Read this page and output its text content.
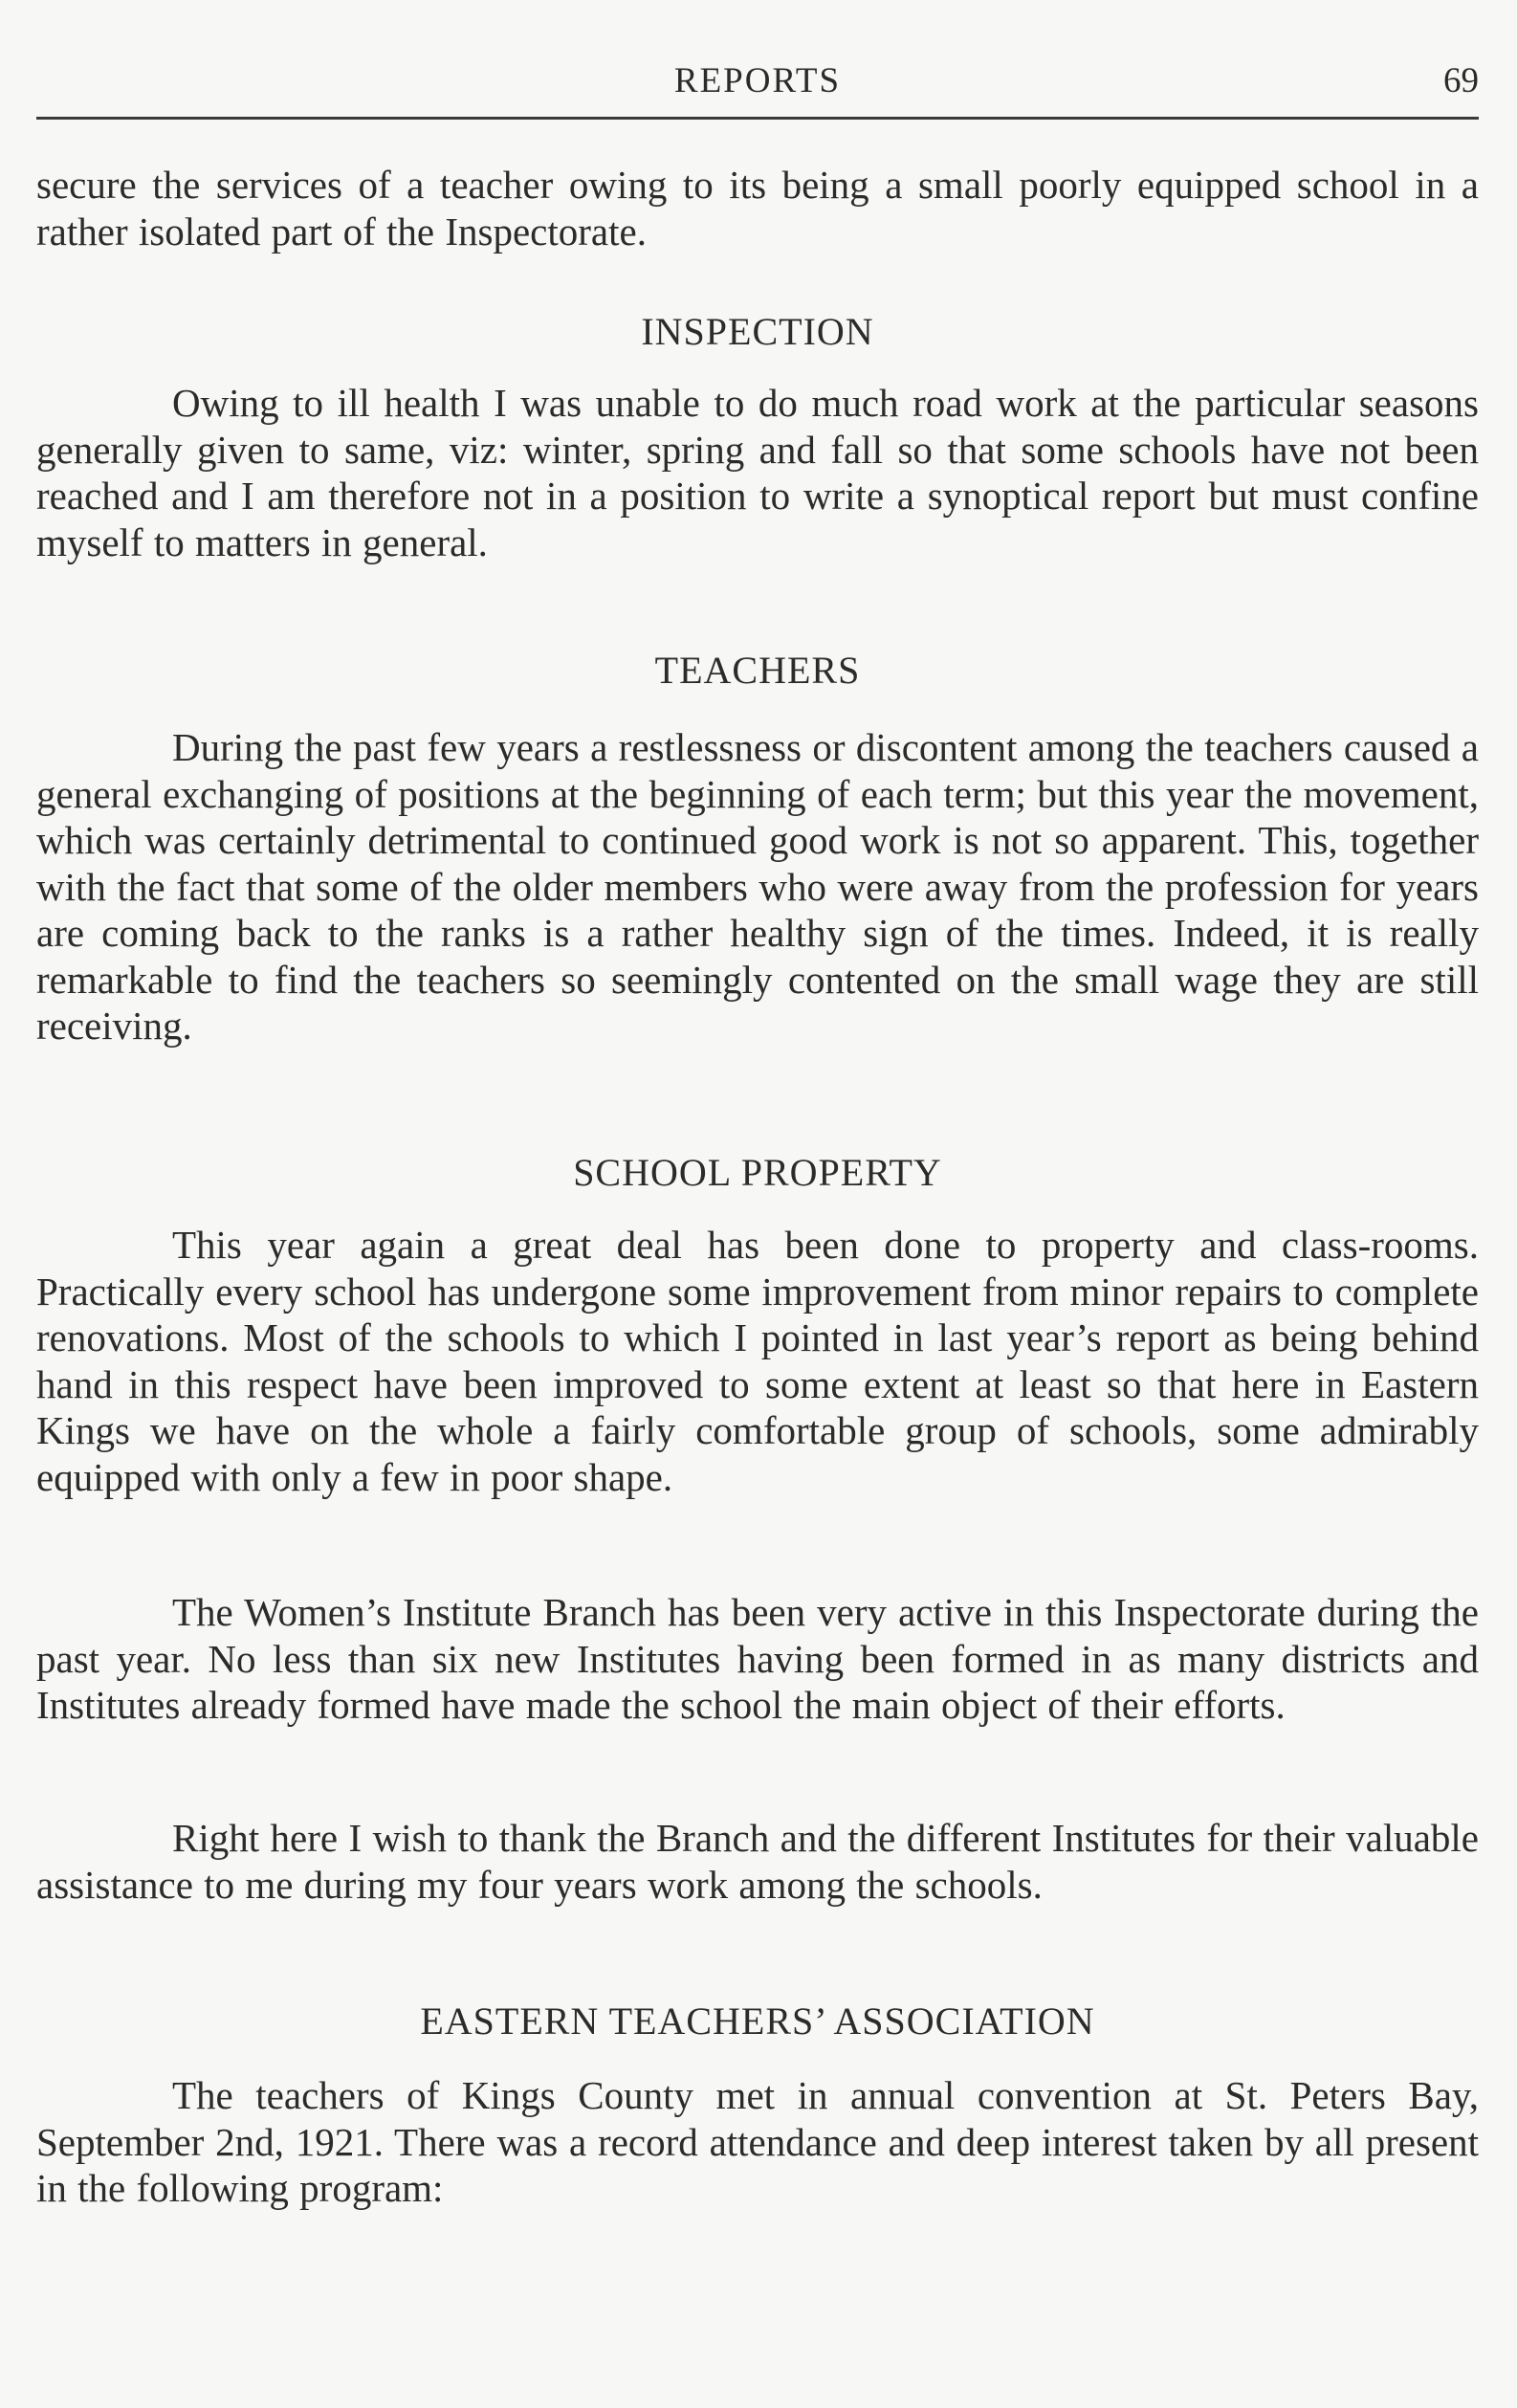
REPORTS	69

secure the services of a teacher owing to its being a small poorly equipped school in a rather isolated part of the Inspectorate.

INSPECTION

Owing to ill health I was unable to do much road work at the particular seasons generally given to same, viz: winter, spring and fall so that some schools have not been reached and I am therefore not in a position to write a synoptical report but must confine myself to matters in general.

TEACHERS

During the past few years a restlessness or discontent among the teachers caused a general exchanging of positions at the beginning of each term; but this year the movement, which was certainly detrimental to continued good work is not so apparent. This, together with the fact that some of the older members who were away from the profession for years are coming back to the ranks is a rather healthy sign of the times. Indeed, it is really remarkable to find the teachers so seemingly contented on the small wage they are still receiving.

SCHOOL PROPERTY

This year again a great deal has been done to property and class-rooms. Practically every school has undergone some improvement from minor repairs to complete renovations. Most of the schools to which I pointed in last year’s report as being behind hand in this respect have been improved to some extent at least so that here in Eastern Kings we have on the whole a fairly comfortable group of schools, some admirably equipped with only a few in poor shape.

The Women’s Institute Branch has been very active in this Inspectorate during the past year. No less than six new Institutes having been formed in as many districts and Institutes already formed have made the school the main object of their efforts.

Right here I wish to thank the Branch and the different Institutes for their valuable assistance to me during my four years work among the schools.

EASTERN TEACHERS’ ASSOCIATION

The teachers of Kings County met in annual convention at St. Peters Bay, September 2nd, 1921. There was a record attendance and deep interest taken by all present in the following program:
